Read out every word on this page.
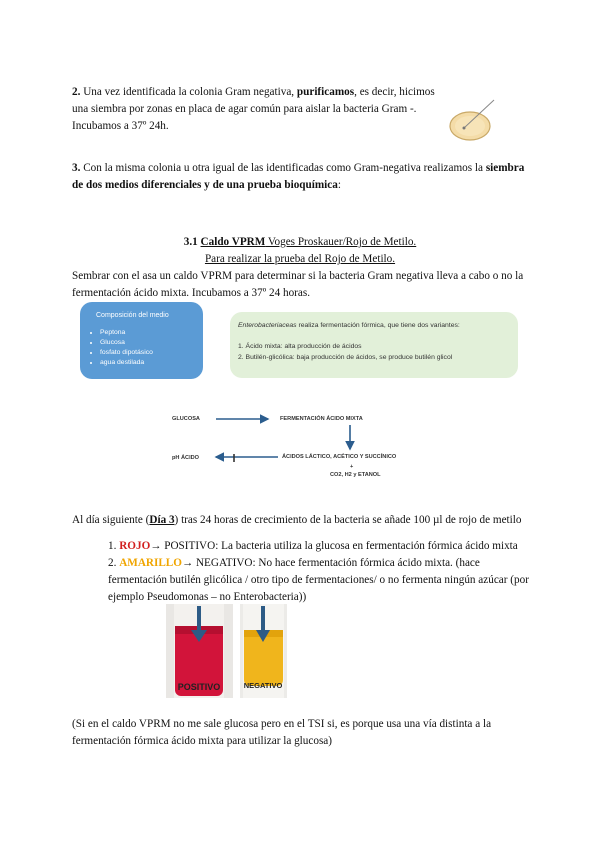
2. Una vez identificada la colonia Gram negativa, purificamos, es decir, hicimos
una siembra por zonas en placa de agar común para aislar la bacteria Gram -.
Incubamos a 37º 24h.
3. Con la misma colonia u otra igual de las identificadas como Gram-negativa realizamos la siembra
de dos medios diferenciales y de una prueba bioquímica:
3.1 Caldo VPRM Voges Proskauer/Rojo de Metilo.
Para realizar la prueba del Rojo de Metilo.
Sembrar con el asa un caldo VPRM para determinar si la bacteria Gram negativa lleva a cabo o no la
fermentación ácido mixta. Incubamos a 37º 24 horas.
Composición del medio
• Peptona
• Glucosa
• fosfato dipotásico
• agua destilada
Enterobacteriaceas realiza fermentación fórmica, que tiene dos variantes:
1. Ácido mixta: alta producción de ácidos
2. Butilén-glicólica: baja producción de ácidos, se produce butilén glicol
GLUCOSA	FERMENTACIÓN ÁCIDO MIXTA
pH ÁCIDO	ÁCIDOS LÁCTICO, ACÉTICO Y SUCCÍNICO
+
CO2, H2 y ETANOL
Al día siguiente (Día 3) tras 24 horas de crecimiento de la bacteria se añade 100 µl de rojo de metilo
1. ROJO→ POSITIVO: La bacteria utiliza la glucosa en fermentación fórmica ácido mixta
2. AMARILLO→ NEGATIVO: No hace fermentación fórmica ácido mixta. (hace
fermentación butilén glicólica / otro tipo de fermentaciones/ o no fermenta ningún azúcar (por
ejemplo Pseudomonas – no Enterobacteria))
POSITIVO	NEGATIVO
(Si en el caldo VPRM no me sale glucosa pero en el TSI si, es porque usa una vía distinta a la
fermentación fórmica ácido mixta para utilizar la glucosa)
